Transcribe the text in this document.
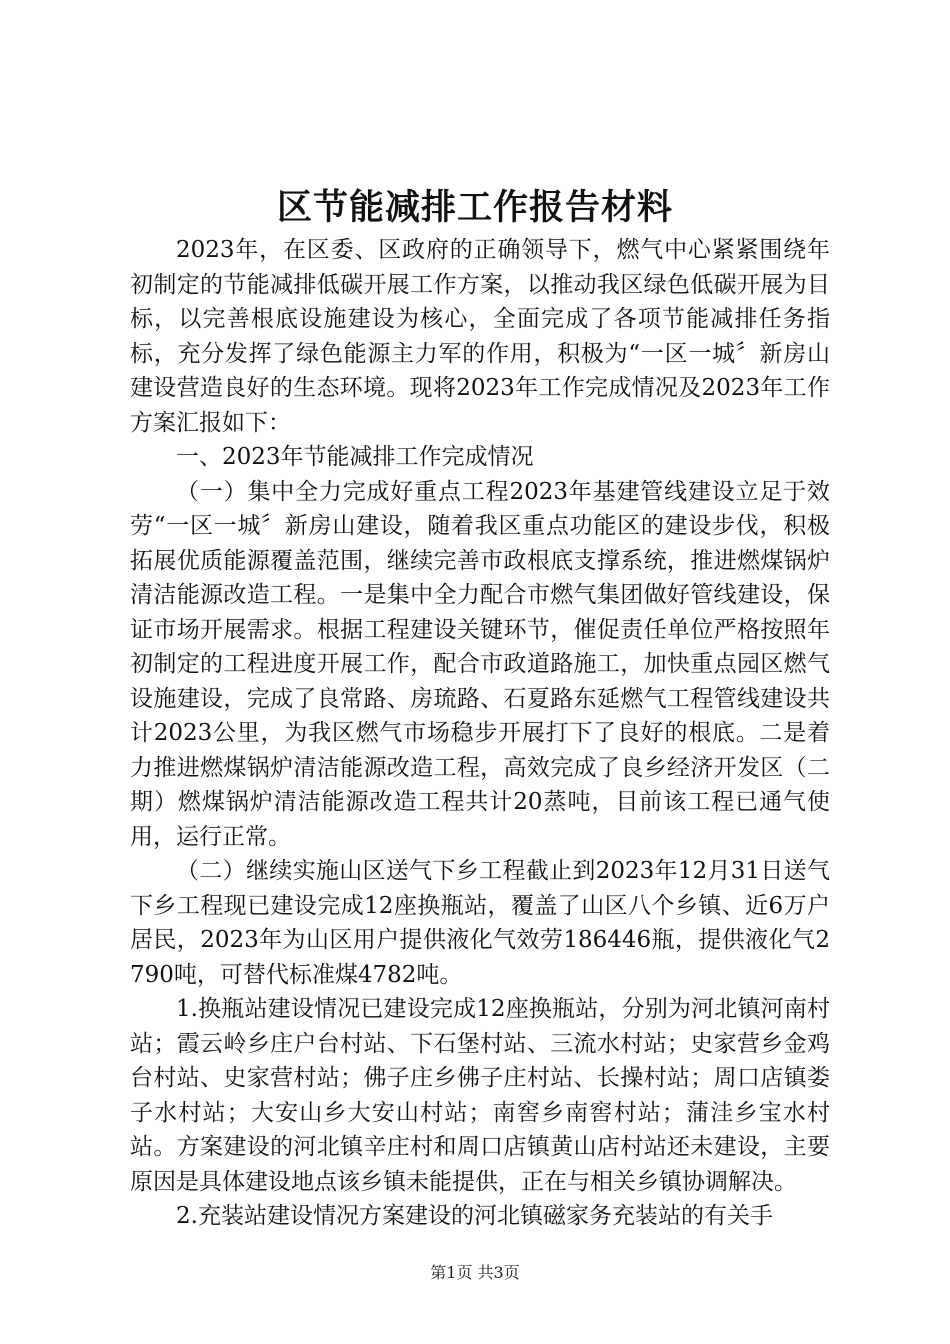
区节能减排工作报告材料

2023年，在区委、区政府的正确领导下，燃气中心紧紧围绕年初制定的节能减排低碳开展工作方案，以推动我区绿色低碳开展为目标，以完善根底设施建设为核心，全面完成了各项节能减排任务指标，充分发挥了绿色能源主力军的作用，积极为“一区一城〞新房山建设营造良好的生态环境。现将2023年工作完成情况及2023年工作方案汇报如下：

一、2023年节能减排工作完成情况

（一）集中全力完成好重点工程2023年基建管线建设立足于效劳“一区一城〞新房山建设，随着我区重点功能区的建设步伐，积极拓展优质能源覆盖范围，继续完善市政根底支撑系统，推进燃煤锅炉清洁能源改造工程。一是集中全力配合市燃气集团做好管线建设，保证市场开展需求。根据工程建设关键环节，催促责任单位严格按照年初制定的工程进度开展工作，配合市政道路施工，加快重点园区燃气设施建设，完成了良常路、房琉路、石夏路东延燃气工程管线建设共计2023公里，为我区燃气市场稳步开展打下了良好的根底。二是着力推进燃煤锅炉清洁能源改造工程，高效完成了良乡经济开发区（二期）燃煤锅炉清洁能源改造工程共计20蒸吨，目前该工程已通气使用，运行正常。

（二）继续实施山区送气下乡工程截止到2023年12月31日送气下乡工程现已建设完成12座换瓶站，覆盖了山区八个乡镇、近6万户居民，2023年为山区用户提供液化气效劳186446瓶，提供液化气2790吨，可替代标准煤4782吨。

1.换瓶站建设情况已建设完成12座换瓶站，分别为河北镇河南村站；霞云岭乡庄户台村站、下石堡村站、三流水村站；史家营乡金鸡台村站、史家营村站；佛子庄乡佛子庄村站、长操村站；周口店镇娄子水村站；大安山乡大安山村站；南窖乡南窖村站；蒲洼乡宝水村站。方案建设的河北镇辛庄村和周口店镇黄山店村站还未建设，主要原因是具体建设地点该乡镇未能提供，正在与相关乡镇协调解决。

2.充装站建设情况方案建设的河北镇磁家务充装站的有关手

第1页 共3页
